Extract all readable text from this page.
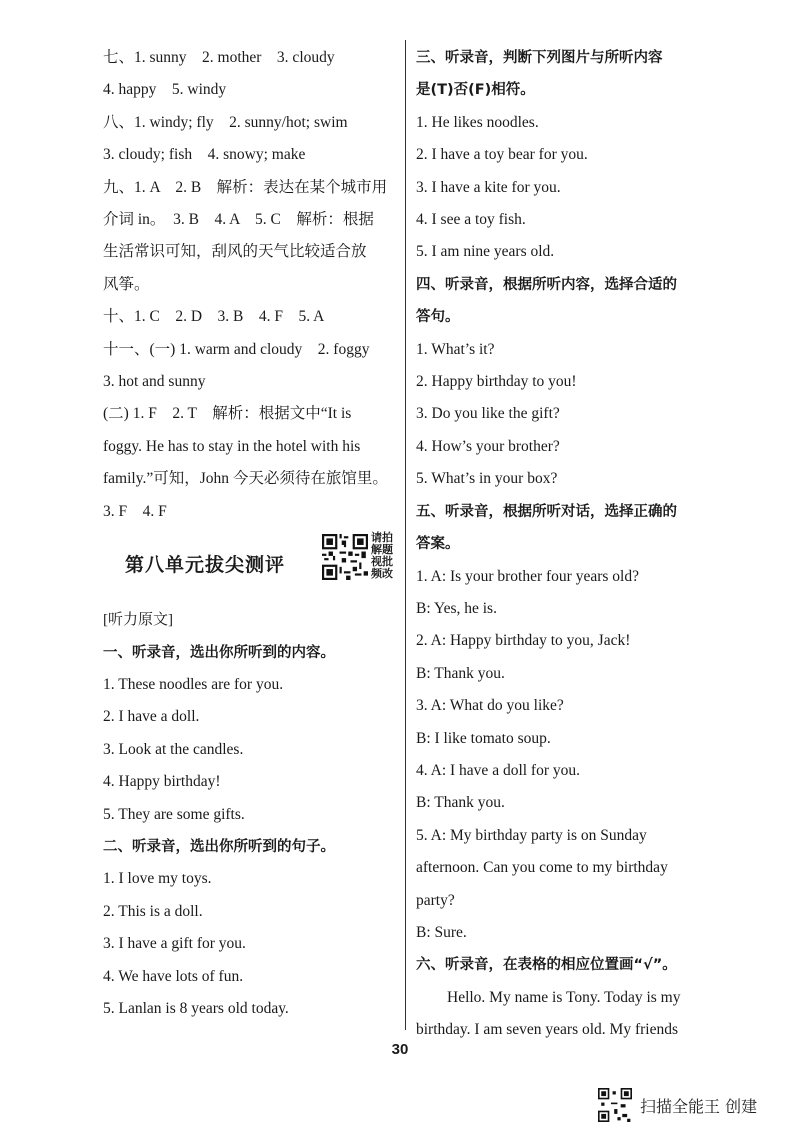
七、1. sunny　2. mother　3. cloudy
4. happy　5. windy
八、1. windy; fly　2. sunny/hot; swim
3. cloudy; fish　4. snowy; make
九、1. A　2. B　解析：表达在某个城市用
介词 in。　3. B　4. A　5. C　解析：根据
生活常识可知，刮风的天气比较适合放
风筝。
十、1. C　2. D　3. B　4. F　5. A
十一、(一) 1. warm and cloudy　2. foggy
3. hot and sunny
(二) 1. F　2. T　解析：根据文中“It is
foggy. He has to stay in the hotel with his
family.”可知，John 今天必须待在旅馆里。
3. F　4. F
第八单元拔尖测评
请拍
解题
视批
频改
[听力原文]
一、听录音，选出你所听到的内容。
1. These noodles are for you.
2. I have a doll.
3. Look at the candles.
4. Happy birthday!
5. They are some gifts.
二、听录音，选出你所听到的句子。
1. I love my toys.
2. This is a doll.
3. I have a gift for you.
4. We have lots of fun.
5. Lanlan is 8 years old today.
三、听录音，判断下列图片与所听内容
是(T)否(F)相符。
1. He likes noodles.
2. I have a toy bear for you.
3. I have a kite for you.
4. I see a toy fish.
5. I am nine years old.
四、听录音，根据所听内容，选择合适的
答句。
1. What’s it?
2. Happy birthday to you!
3. Do you like the gift?
4. How’s your brother?
5. What’s in your box?
五、听录音，根据所听对话，选择正确的
答案。
1. A: Is your brother four years old?
B: Yes, he is.
2. A: Happy birthday to you, Jack!
B: Thank you.
3. A: What do you like?
B: I like tomato soup.
4. A: I have a doll for you.
B: Thank you.
5. A: My birthday party is on Sunday
afternoon. Can you come to my birthday
party?
B: Sure.
六、听录音，在表格的相应位置画“√”。
Hello. My name is Tony. Today is my
birthday. I am seven years old. My friends
30
扫描全能王 创建
